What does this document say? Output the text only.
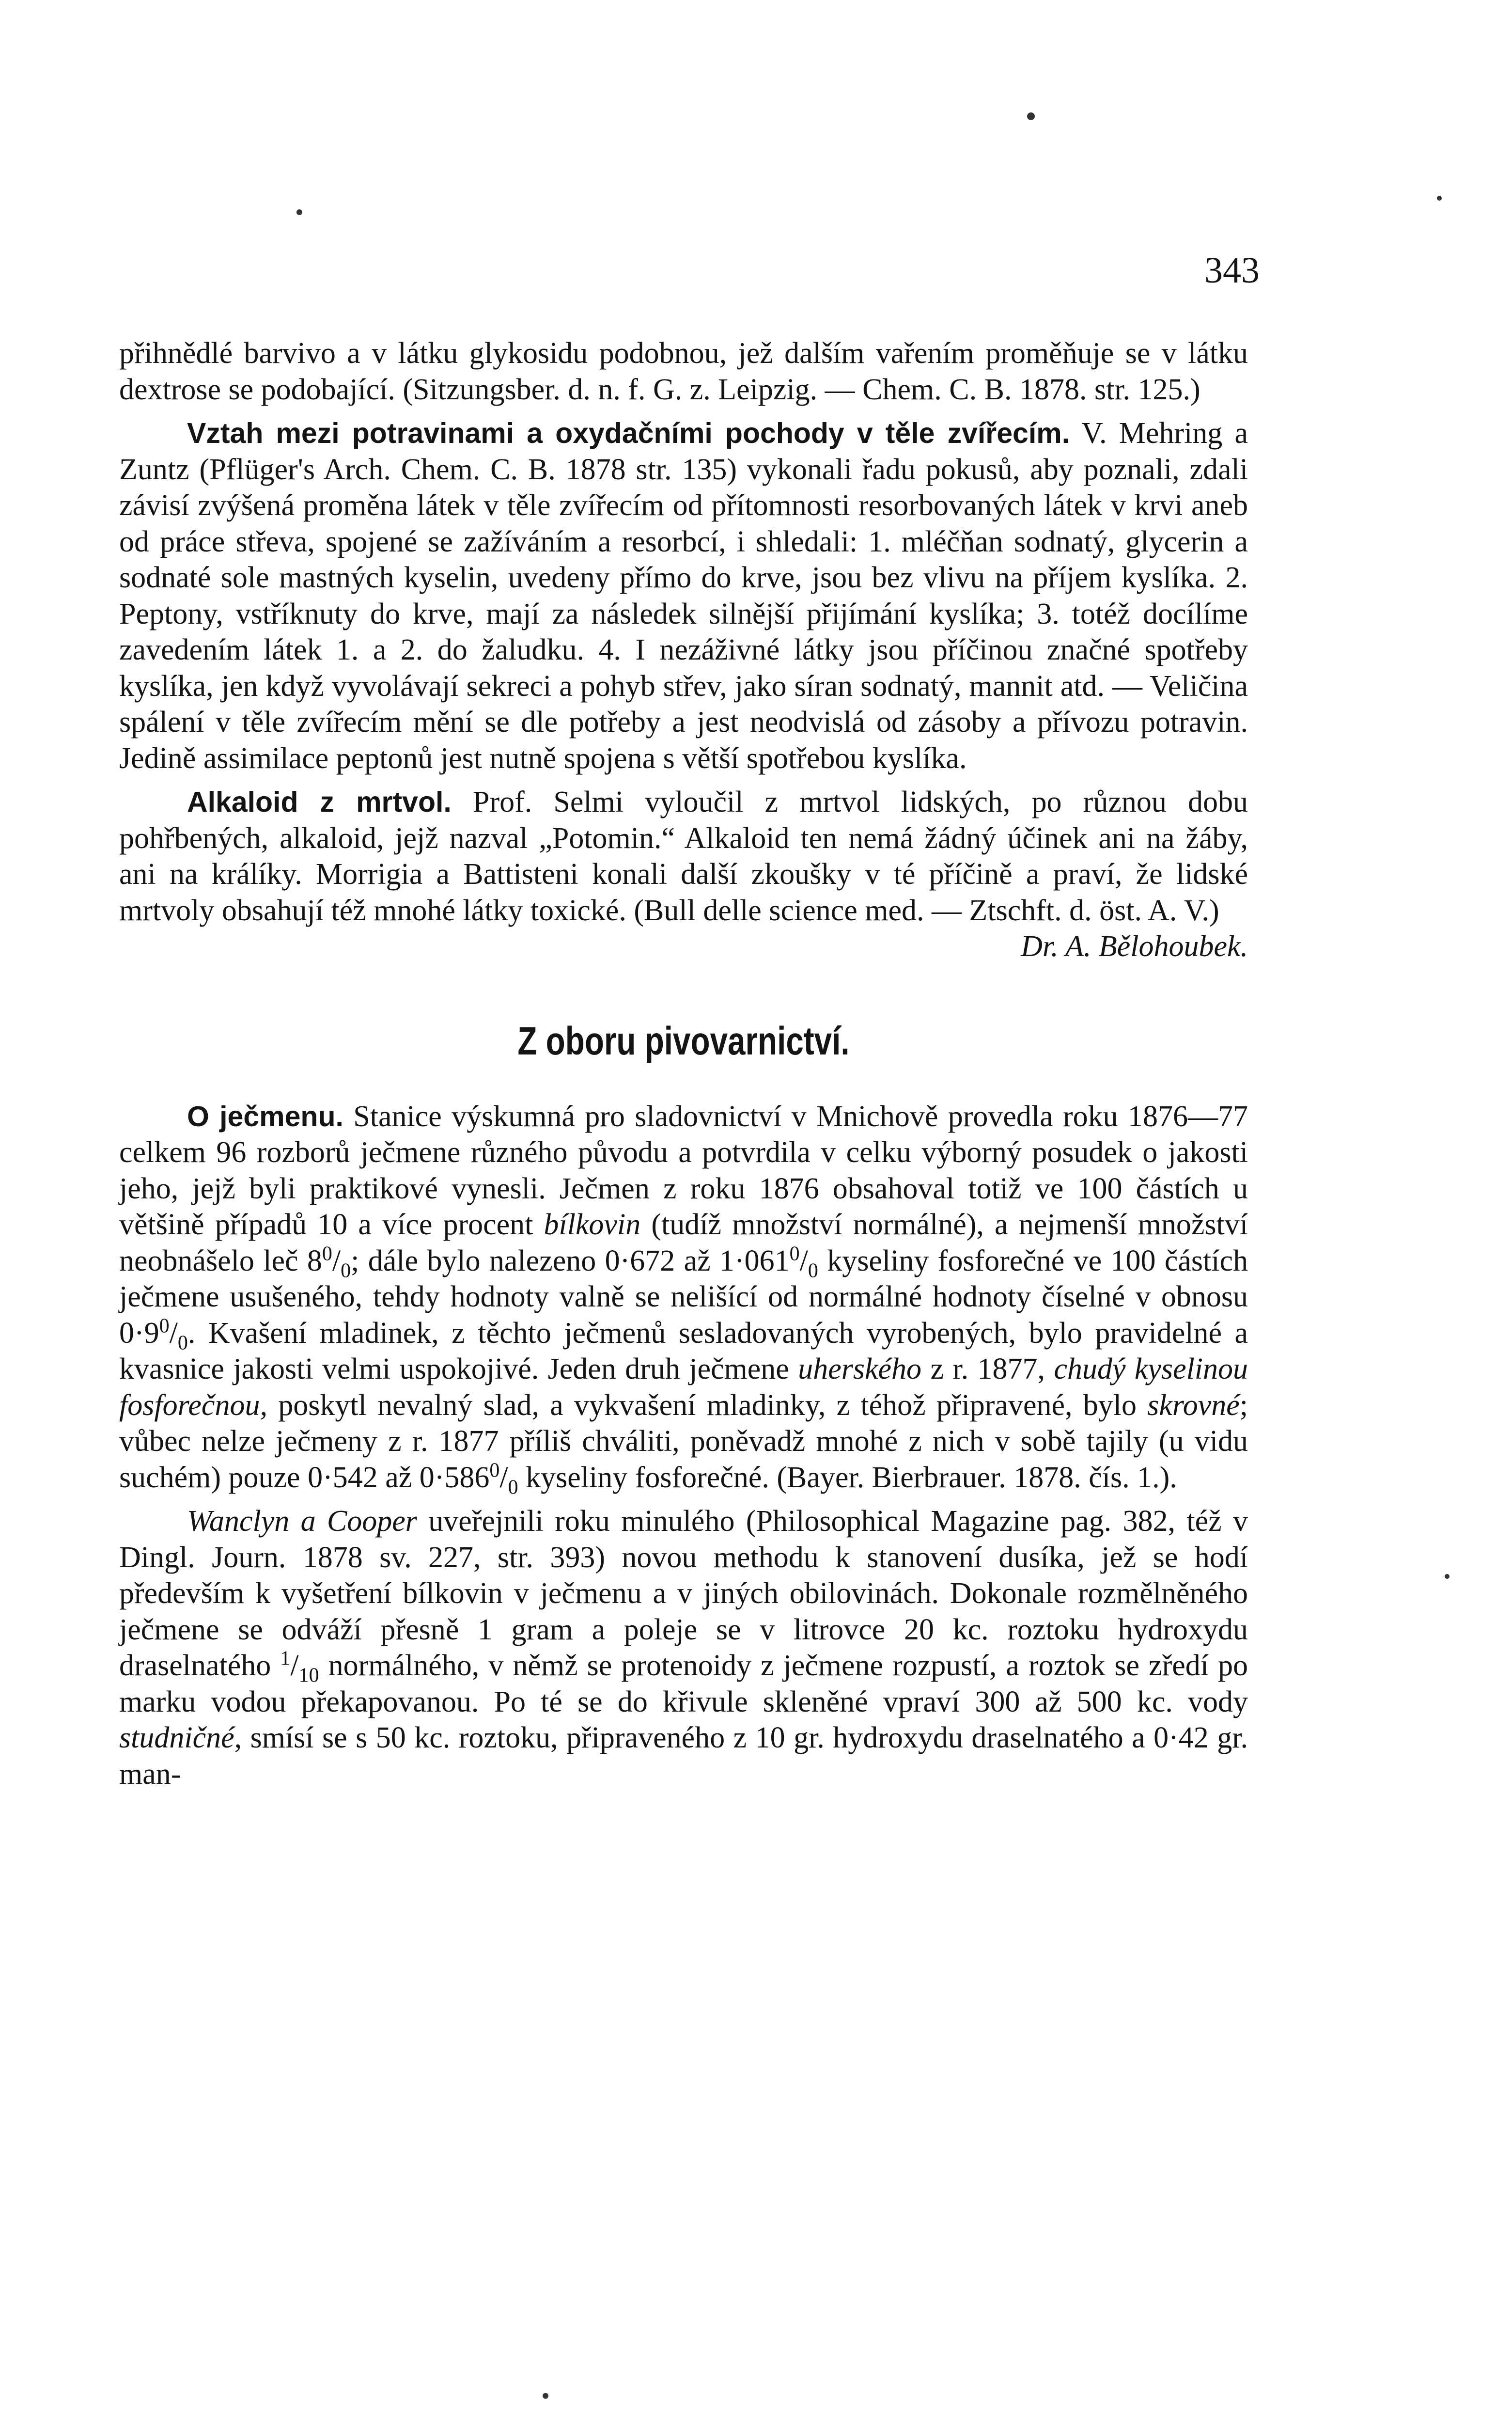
343

přihnědlé barvivo a v látku glykosidu podobnou, jež dalším vařením proměňuje se v látku dextrose se podobající. (Sitzungsber. d. n. f. G. z. Leipzig. — Chem. C. B. 1878. str. 125.)

Vztah mezi potravinami a oxydačními pochody v těle zvířecím. V. Mehring a Zuntz (Pflüger's Arch. Chem. C. B. 1878 str. 135) vykonali řadu pokusů, aby poznali, zdali závisí zvýšená proměna látek v těle zvířecím od přítomnosti resorbovaných látek v krvi aneb od práce střeva, spojené se zažíváním a resorbcí, i shledali: 1. mléčňan sodnatý, glycerin a sodnaté sole mastných kyselin, uvedeny přímo do krve, jsou bez vlivu na příjem kyslíka. 2. Peptony, vstříknuty do krve, mají za následek silnější přijímání kyslíka; 3. totéž docílíme zavedením látek 1. a 2. do žaludku. 4. I nezáživné látky jsou příčinou značné spotřeby kyslíka, jen když vyvolávají sekreci a pohyb střev, jako síran sodnatý, mannit atd. — Veličina spálení v těle zvířecím mění se dle potřeby a jest neodvislá od zásoby a přívozu potravin. Jedině assimilace peptonů jest nutně spojena s větší spotřebou kyslíka.

Alkaloid z mrtvol. Prof. Selmi vyloučil z mrtvol lidských, po různou dobu pohřbených, alkaloid, jejž nazval „Potomin.“ Alkaloid ten nemá žádný účinek ani na žáby, ani na králíky. Morrigia a Battisteni konali další zkoušky v té příčině a praví, že lidské mrtvoly obsahují též mnohé látky toxické. (Bull delle science med. — Ztschft. d. öst. A. V.)
Dr. A. Bělohoubek.

Z oboru pivovarnictví.

O ječmenu. Stanice výskumná pro sladovnictví v Mnichově provedla roku 1876—77 celkem 96 rozborů ječmene různého původu a potvrdila v celku výborný posudek o jakosti jeho, jejž byli praktikové vynesli. Ječmen z roku 1876 obsahoval totiž ve 100 částích u většině případů 10 a více procent bílkovin (tudíž množství normálné), a nejmenší množství neobnášelo leč $8^0/_0$; dále bylo nalezeno 0·672 až $1\cdot 061^0/_0$ kyseliny fosforečné ve 100 částích ječmene usušeného, tehdy hodnoty valně se nelišící od normálné hodnoty číselné v obnosu $0\cdot 9^0/_0$. Kvašení mladinek, z těchto ječmenů sesladovaných vyrobených, bylo pravidelné a kvasnice jakosti velmi uspokojivé. Jeden druh ječmene uherského z r. 1877, chudý kyselinou fosforečnou, poskytl nevalný slad, a vykvašení mladinky, z téhož připravené, bylo skrovné; vůbec nelze ječmeny z r. 1877 příliš chváliti, poněvadž mnohé z nich v sobě tajily (u vidu suchém) pouze 0·542 až $0\cdot 586^0/_0$ kyseliny fosforečné. (Bayer. Bierbrauer. 1878. čís. 1.).

Wanclyn a Cooper uveřejnili roku minulého (Philosophical Magazine pag. 382, též v Dingl. Journ. 1878 sv. 227, str. 393) novou methodu k stanovení dusíka, jež se hodí především k vyšetření bílkovin v ječmenu a v jiných obilovinách. Dokonale rozmělněného ječmene se odváží přesně 1 gram a poleje se v litrovce 20 kc. roztoku hydroxydu draselnatého $^1/_{10}$ normálného, v němž se protenoidy z ječmene rozpustí, a roztok se zředí po marku vodou překapovanou. Po té se do křivule skleněné vpraví 300 až 500 kc. vody studničné, smísí se s 50 kc. roztoku, připraveného z 10 gr. hydroxydu draselnatého a 0·42 gr. man-
